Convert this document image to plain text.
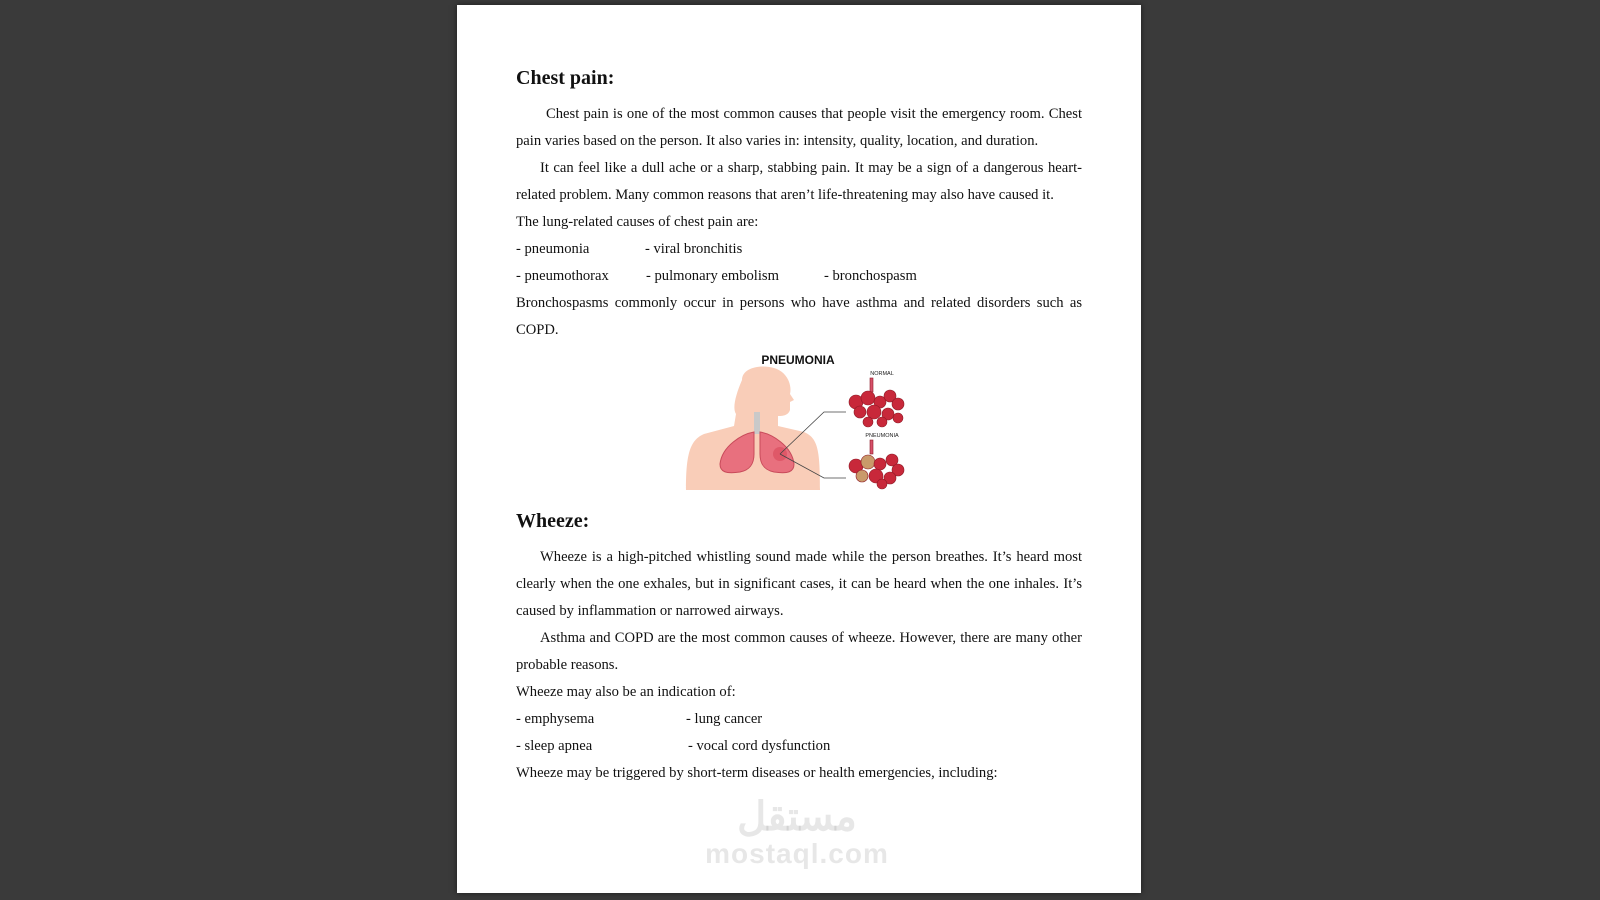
Chest pain:

Chest pain is one of the most common causes that people visit the emergency room. Chest pain varies based on the person. It also varies in: intensity, quality, location, and duration.

It can feel like a dull ache or a sharp, stabbing pain. It may be a sign of a dangerous heart-related problem. Many common reasons that aren’t life-threatening may also have caused it.

The lung-related causes of chest pain are:
- pneumonia	- viral bronchitis
- pneumothorax	- pulmonary embolism	- bronchospasm

Bronchospasms commonly occur in persons who have asthma and related disorders such as COPD.

PNEUMONIA
NORMAL
PNEUMONIA
Wheeze:

Wheeze is a high-pitched whistling sound made while the person breathes. It’s heard most clearly when the one exhales, but in significant cases, it can be heard when the one inhales. It’s caused by inflammation or narrowed airways.

Asthma and COPD are the most common causes of wheeze. However, there are many other probable reasons.

Wheeze may also be an indication of:
- emphysema	- lung cancer
- sleep apnea	- vocal cord dysfunction

Wheeze may be triggered by short-term diseases or health emergencies, including:

مستقل
mostaql.com
